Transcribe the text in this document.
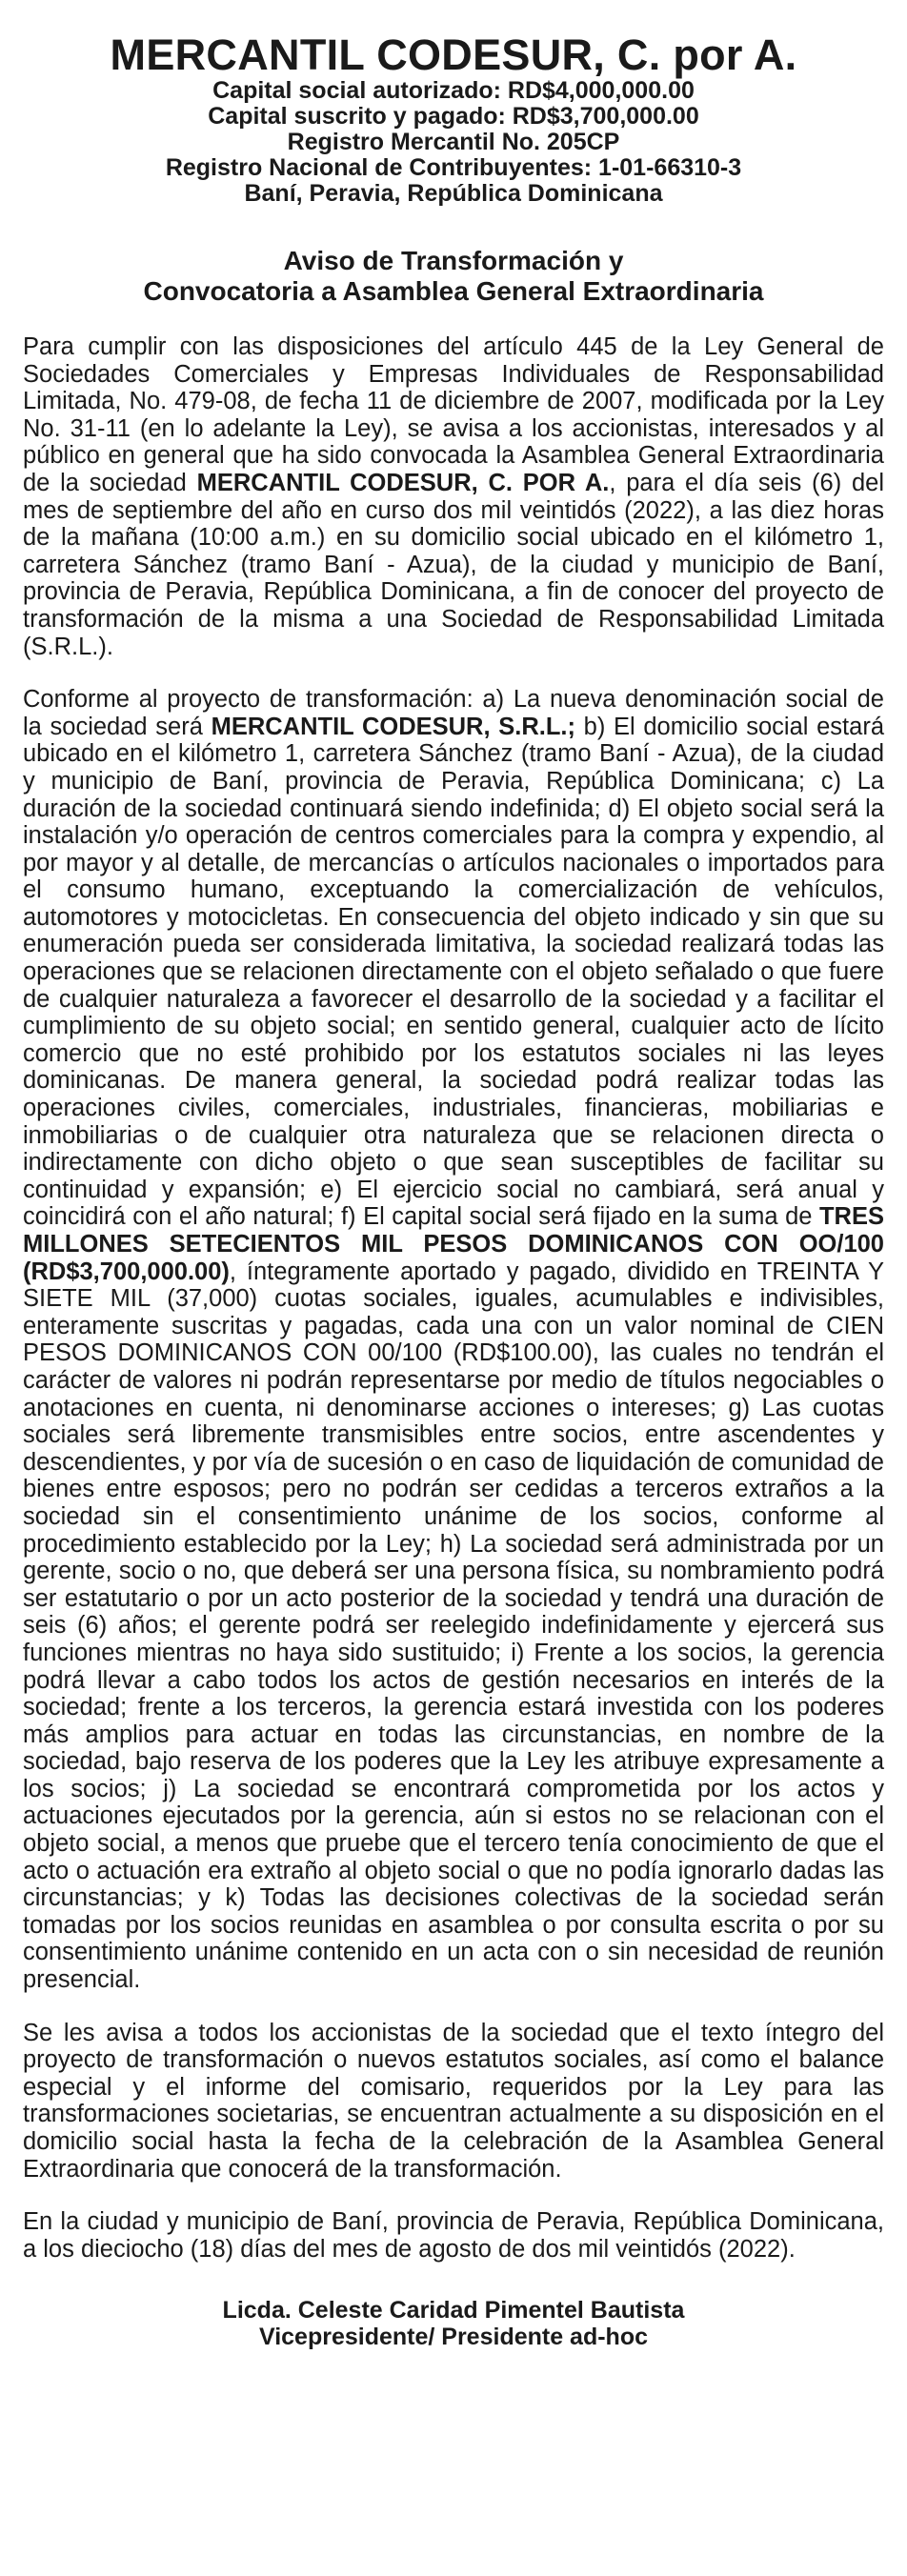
MERCANTIL CODESUR, C. por A.
Capital social autorizado: RD$4,000,000.00
Capital suscrito y pagado: RD$3,700,000.00
Registro Mercantil No. 205CP
Registro Nacional de Contribuyentes: 1-01-66310-3
Baní, Peravia, República Dominicana
Aviso de Transformación y
Convocatoria a Asamblea General Extraordinaria

Para cumplir con las disposiciones del artículo 445 de la Ley General de Sociedades Comerciales y Empresas Individuales de Responsabilidad Limitada, No. 479-08, de fecha 11 de diciembre de 2007, modificada por la Ley No. 31-11 (en lo adelante la Ley), se avisa a los accionistas, interesados y al público en general que ha sido convocada la Asamblea General Extraordinaria de la sociedad MERCANTIL CODESUR, C. POR A., para el día seis (6) del mes de septiembre del año en curso dos mil veintidós (2022), a las diez horas de la mañana (10:00 a.m.) en su domicilio social ubicado en el kilómetro 1, carretera Sánchez (tramo Baní - Azua), de la ciudad y municipio de Baní, provincia de Peravia, República Dominicana, a fin de conocer del proyecto de transformación de la misma a una Sociedad de Responsabilidad Limitada (S.R.L.).

Conforme al proyecto de transformación: a) La nueva denominación social de la sociedad será MERCANTIL CODESUR, S.R.L.; b) El domicilio social estará ubicado en el kilómetro 1, carretera Sánchez (tramo Baní - Azua), de la ciudad y municipio de Baní, provincia de Peravia, República Dominicana; c) La duración de la sociedad continuará siendo indefinida; d) El objeto social será la instalación y/o operación de centros comerciales para la compra y expendio, al por mayor y al detalle, de mercancías o artículos nacionales o importados para el consumo humano, exceptuando la comercialización de vehículos, automotores y motocicletas. En consecuencia del objeto indicado y sin que su enumeración pueda ser considerada limitativa, la sociedad realizará todas las operaciones que se relacionen directamente con el objeto señalado o que fuere de cualquier naturaleza a favorecer el desarrollo de la sociedad y a facilitar el cumplimiento de su objeto social; en sentido general, cualquier acto de lícito comercio que no esté prohibido por los estatutos sociales ni las leyes dominicanas. De manera general, la sociedad podrá realizar todas las operaciones civiles, comerciales, industriales, financieras, mobiliarias e inmobiliarias o de cualquier otra naturaleza que se relacionen directa o indirectamente con dicho objeto o que sean susceptibles de facilitar su continuidad y expansión; e) El ejercicio social no cambiará, será anual y coincidirá con el año natural; f) El capital social será fijado en la suma de TRES MILLONES SETECIENTOS MIL PESOS DOMINICANOS CON OO/100 (RD$3,700,000.00), íntegramente aportado y pagado, dividido en TREINTA Y SIETE MIL (37,000) cuotas sociales, iguales, acumulables e indivisibles, enteramente suscritas y pagadas, cada una con un valor nominal de CIEN PESOS DOMINICANOS CON 00/100 (RD$100.00), las cuales no tendrán el carácter de valores ni podrán representarse por medio de títulos negociables o anotaciones en cuenta, ni denominarse acciones o intereses; g) Las cuotas sociales será libremente transmisibles entre socios, entre ascendentes y descendientes, y por vía de sucesión o en caso de liquidación de comunidad de bienes entre esposos; pero no podrán ser cedidas a terceros extraños a la sociedad sin el consentimiento unánime de los socios, conforme al procedimiento establecido por la Ley; h) La sociedad será administrada por un gerente, socio o no, que deberá ser una persona física, su nombramiento podrá ser estatutario o por un acto posterior de la sociedad y tendrá una duración de seis (6) años; el gerente podrá ser reelegido indefinidamente y ejercerá sus funciones mientras no haya sido sustituido; i) Frente a los socios, la gerencia podrá llevar a cabo todos los actos de gestión necesarios en interés de la sociedad; frente a los terceros, la gerencia estará investida con los poderes más amplios para actuar en todas las circunstancias, en nombre de la sociedad, bajo reserva de los poderes que la Ley les atribuye expresamente a los socios; j) La sociedad se encontrará comprometida por los actos y actuaciones ejecutados por la gerencia, aún si estos no se relacionan con el objeto social, a menos que pruebe que el tercero tenía conocimiento de que el acto o actuación era extraño al objeto social o que no podía ignorarlo dadas las circunstancias; y k) Todas las decisiones colectivas de la sociedad serán tomadas por los socios reunidas en asamblea o por consulta escrita o por su consentimiento unánime contenido en un acta con o sin necesidad de reunión presencial.

Se les avisa a todos los accionistas de la sociedad que el texto íntegro del proyecto de transformación o nuevos estatutos sociales, así como el balance especial y el informe del comisario, requeridos por la Ley para las transformaciones societarias, se encuentran actualmente a su disposición en el domicilio social hasta la fecha de la celebración de la Asamblea General Extraordinaria que conocerá de la transformación.

En la ciudad y municipio de Baní, provincia de Peravia, República Dominicana, a los dieciocho (18) días del mes de agosto de dos mil veintidós (2022).

Licda. Celeste Caridad Pimentel Bautista
Vicepresidente/ Presidente ad-hoc
